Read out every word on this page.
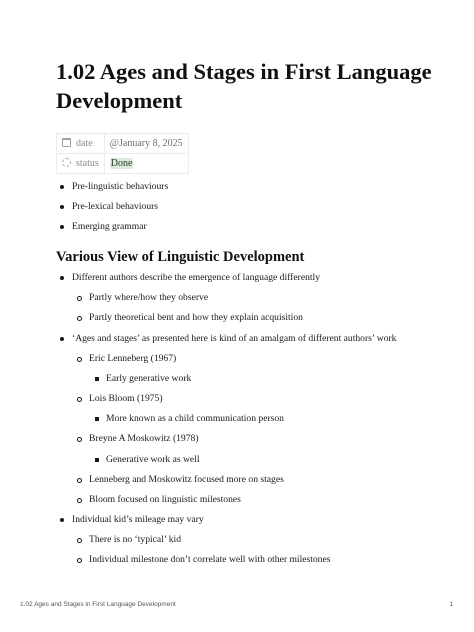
1.02 Ages and Stages in First Language Development
date	@January 8, 2025
status	Done
Pre-linguistic behaviours
Pre-lexical behaviours
Emerging grammar
Various View of Linguistic Development
Different authors describe the emergence of language differently
Partly where/how they observe
Partly theoretical bent and how they explain acquisition
‘Ages and stages’ as presented here is kind of an amalgam of different authors’ work
Eric Lenneberg (1967)
Early generative work
Lois Bloom (1975)
More known as a child communication person
Breyne A Moskowitz (1978)
Generative work as well
Lenneberg and Moskowitz focused more on stages
Bloom focused on linguistic milestones
Individual kid’s mileage may vary
There is no ‘typical’ kid
Individual milestone don’t correlate well with other milestones
1.02 Ages and Stages in First Language Development	1
